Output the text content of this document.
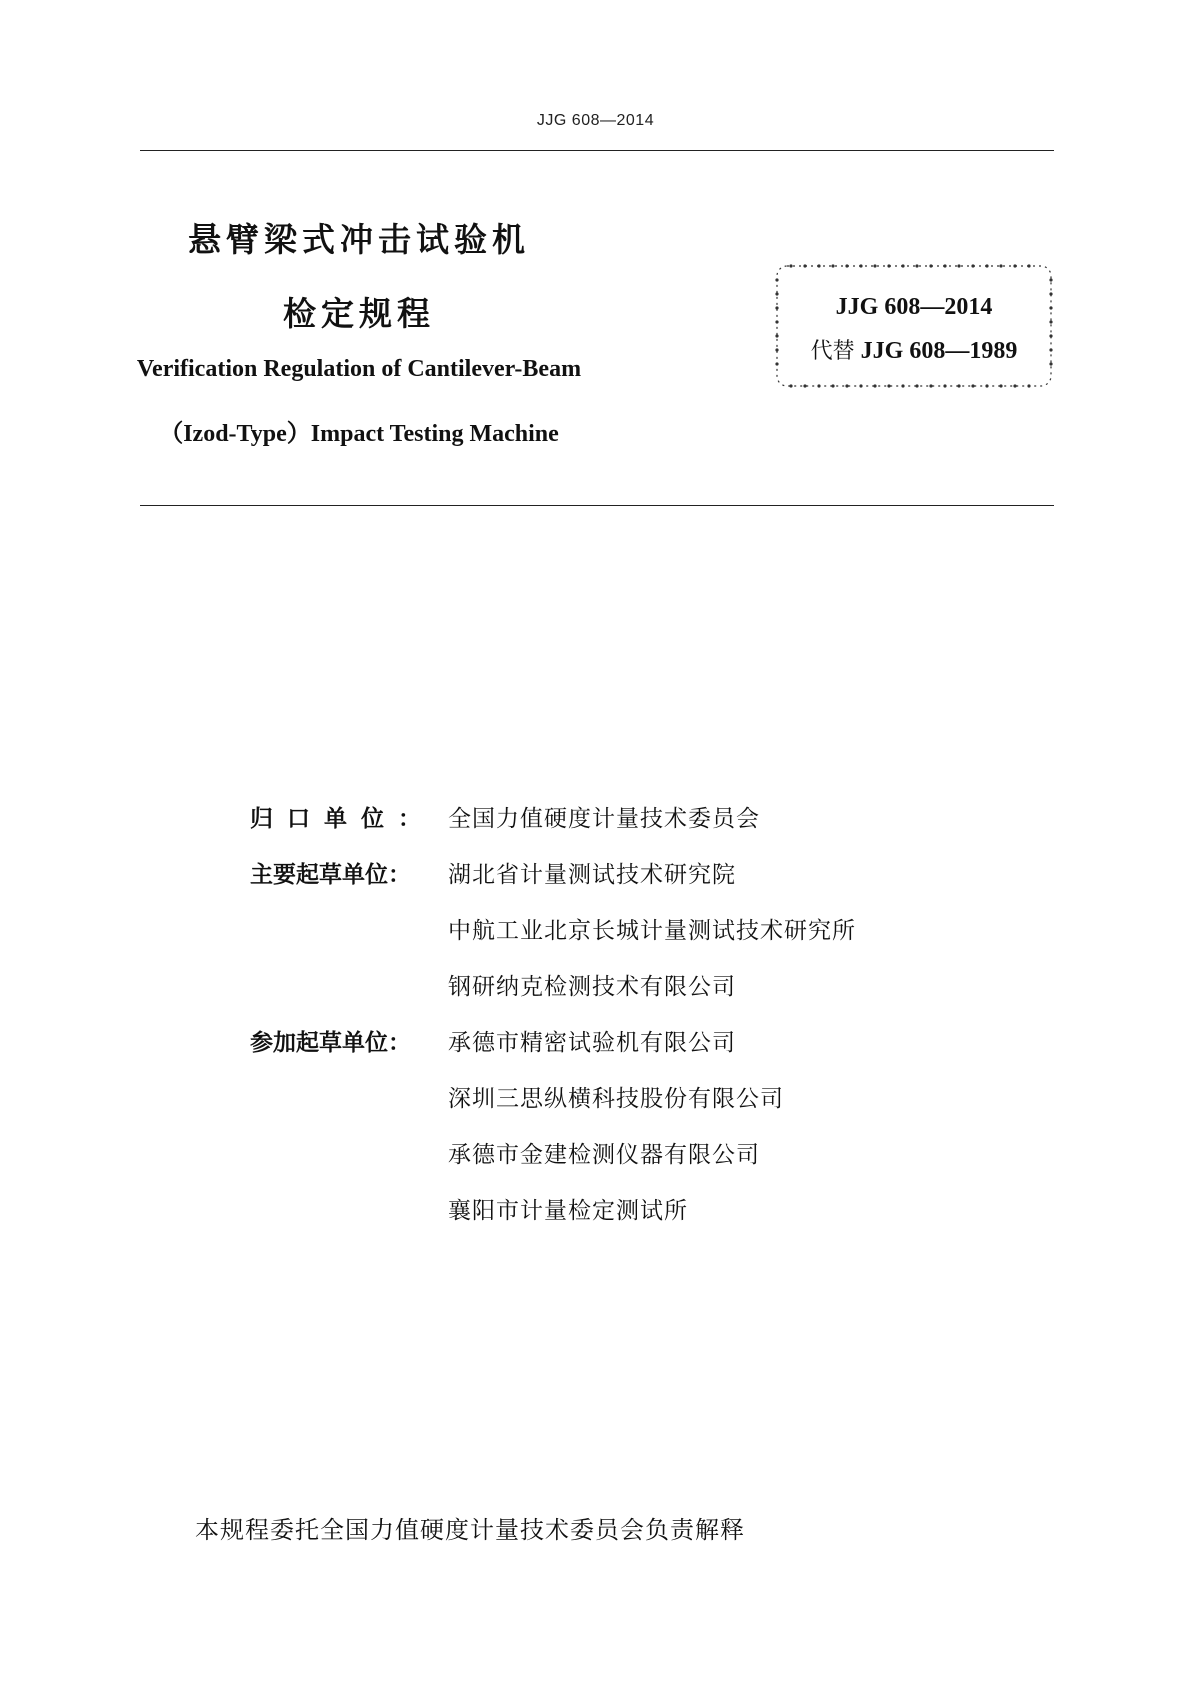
JJG 608—2014
悬臂梁式冲击试验机
检定规程
Verification Regulation of Cantilever-Beam
（Izod-Type）Impact Testing Machine
JJG 608—2014
代替 JJG 608—1989
归口单位： 全国力值硬度计量技术委员会
主要起草单位：	湖北省计量测试技术研究院
中航工业北京长城计量测试技术研究所
钢研纳克检测技术有限公司
参加起草单位：	承德市精密试验机有限公司
深圳三思纵横科技股份有限公司
承德市金建检测仪器有限公司
襄阳市计量检定测试所
本规程委托全国力值硬度计量技术委员会负责解释
